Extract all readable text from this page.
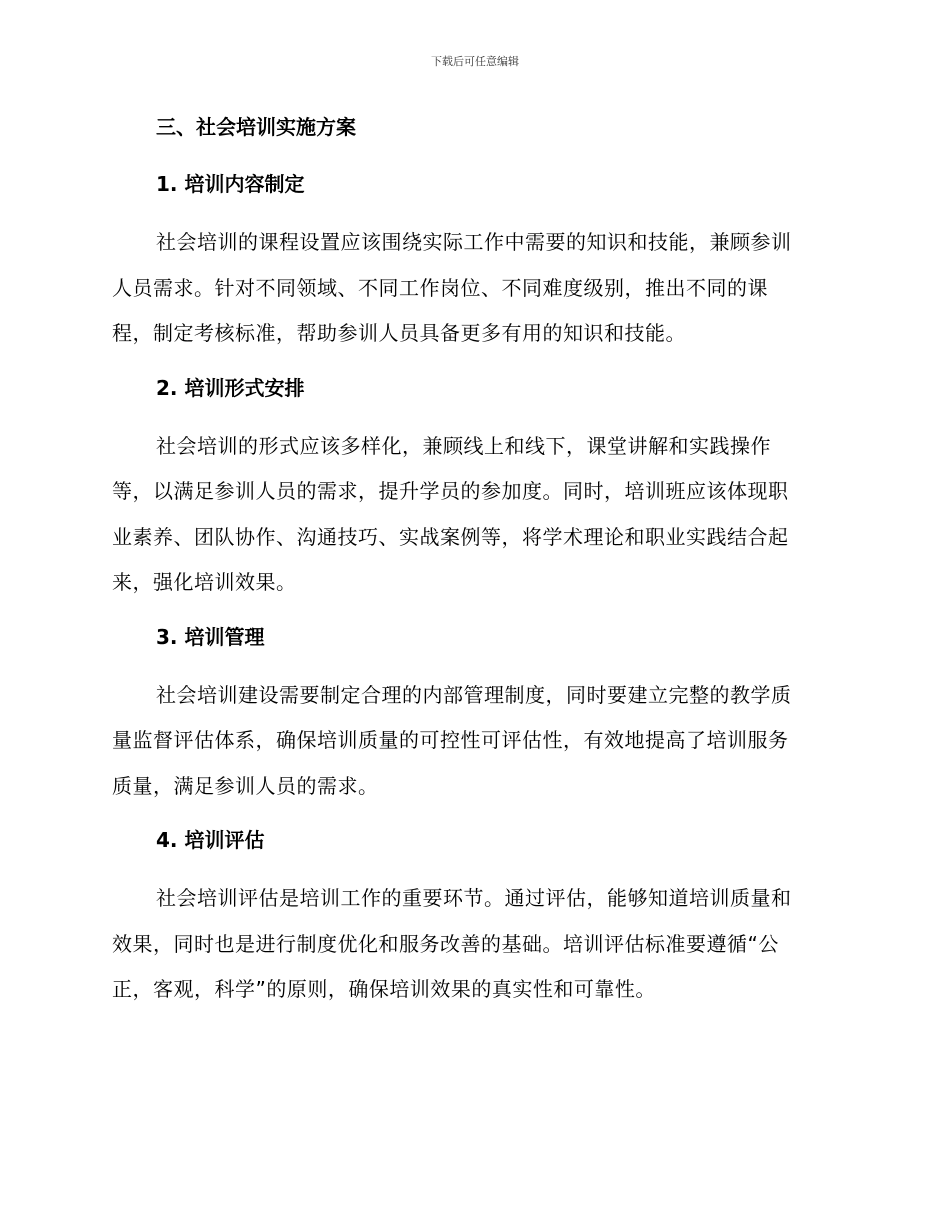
下载后可任意编辑
三、社会培训实施方案
1. 培训内容制定
社会培训的课程设置应该围绕实际工作中需要的知识和技能，兼顾参训
人员需求。针对不同领域、不同工作岗位、不同难度级别，推出不同的课
程，制定考核标准，帮助参训人员具备更多有用的知识和技能。
2. 培训形式安排
社会培训的形式应该多样化，兼顾线上和线下，课堂讲解和实践操作
等，以满足参训人员的需求，提升学员的参加度。同时，培训班应该体现职
业素养、团队协作、沟通技巧、实战案例等，将学术理论和职业实践结合起
来，强化培训效果。
3. 培训管理
社会培训建设需要制定合理的内部管理制度，同时要建立完整的教学质
量监督评估体系，确保培训质量的可控性可评估性，有效地提高了培训服务
质量，满足参训人员的需求。
4. 培训评估
社会培训评估是培训工作的重要环节。通过评估，能够知道培训质量和
效果，同时也是进行制度优化和服务改善的基础。培训评估标准要遵循“公
正，客观，科学”的原则，确保培训效果的真实性和可靠性。
